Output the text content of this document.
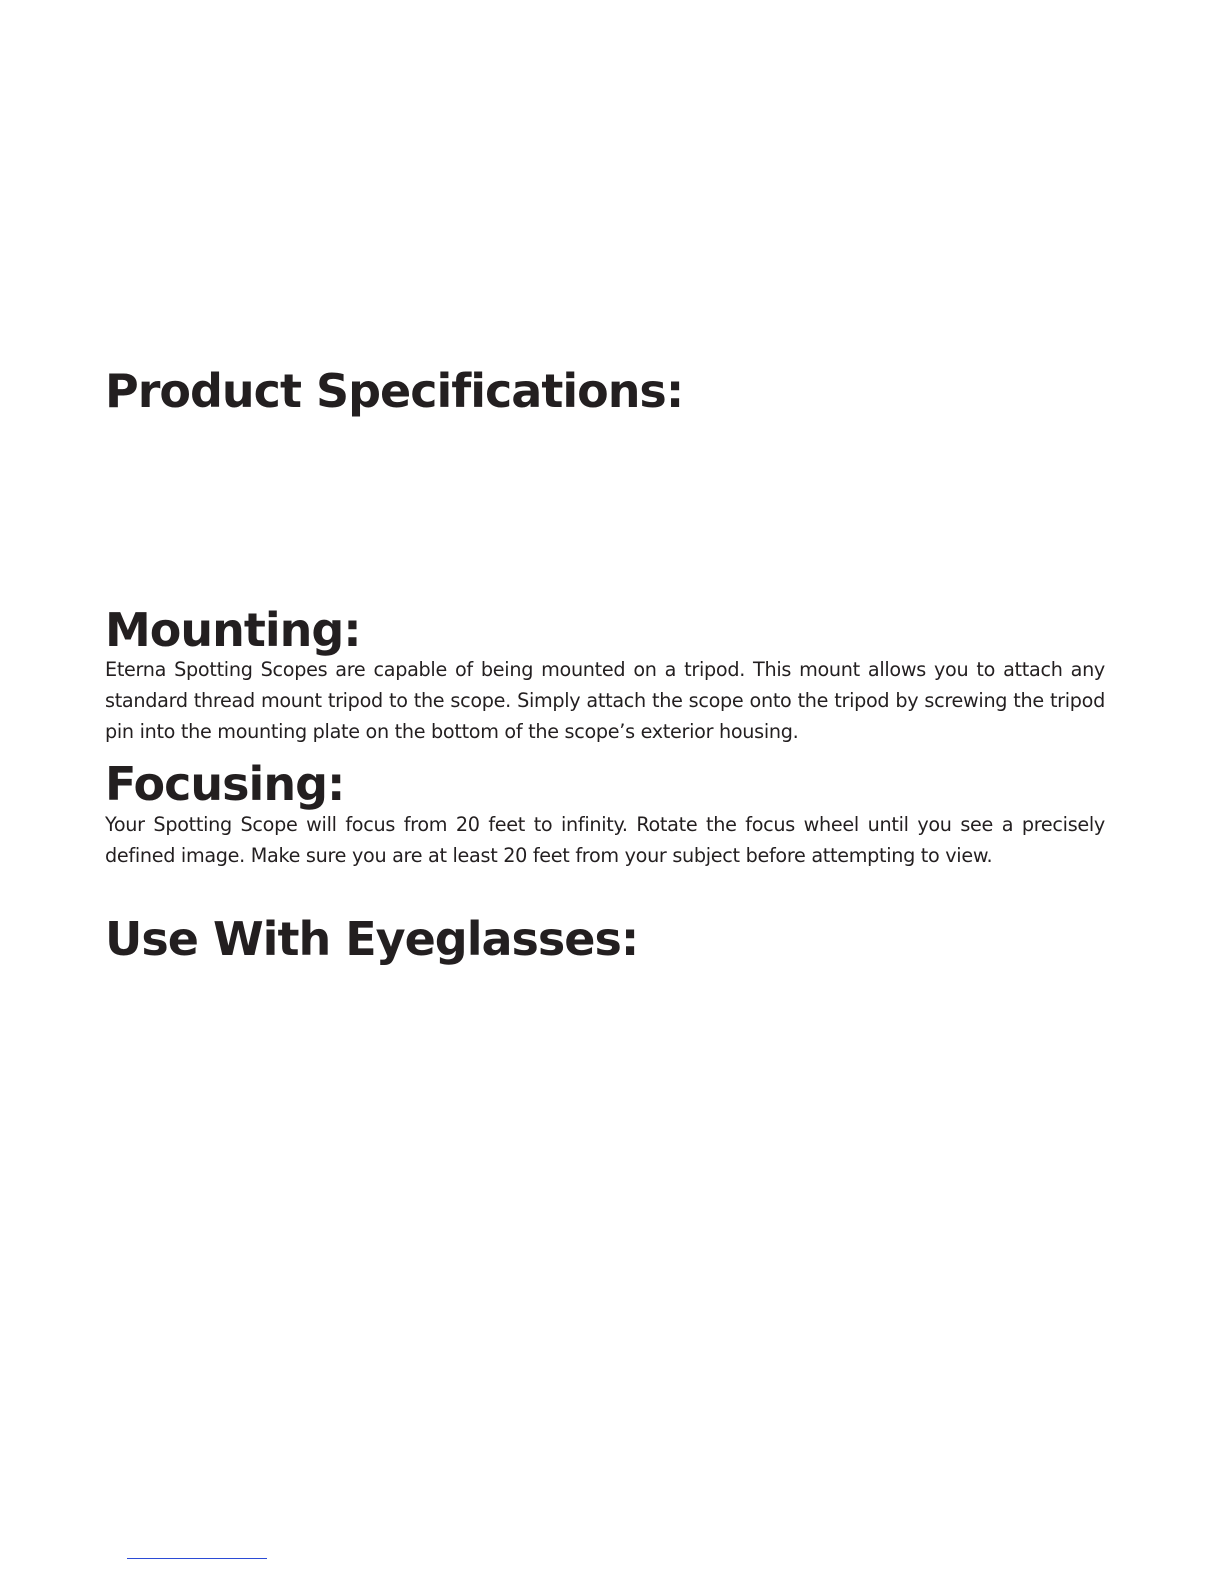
Product Specifications:
Mounting:

Eterna Spotting Scopes are capable of being mounted on a tripod. This mount allows you to attach any standard thread mount tripod to the scope. Simply attach the scope onto the tripod by screwing the tripod pin into the mounting plate on the bottom of the scope’s exterior housing.

Focusing:

Your Spotting Scope will focus from 20 feet to infinity. Rotate the focus wheel until you see a precisely defined image. Make sure you are at least 20 feet from your subject before attempting to view.

Use With Eyeglasses:
